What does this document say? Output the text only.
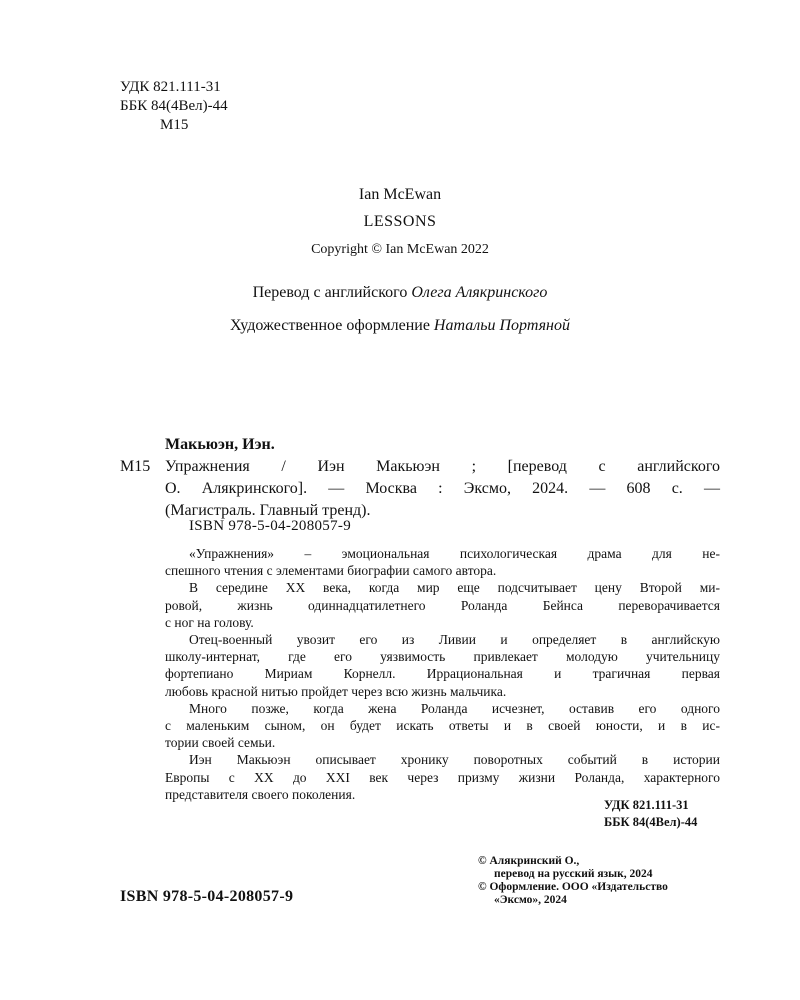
УДК 821.111-31
ББК 84(4Вел)-44
М15
Ian McEwan
LESSONS
Copyright © Ian McEwan 2022
Перевод с английского Олега Алякринского
Художественное оформление Натальи Портяной
М15
Макьюэн, Иэн.
Упражнения / Иэн Макьюэн ; [перевод с английского
О. Алякринского]. — Москва : Эксмо, 2024. — 608 с. —
(Магистраль. Главный тренд).
ISBN 978-5-04-208057-9
«Упражнения» – эмоциональная психологическая драма для не-
спешного чтения с элементами биографии самого автора.
В середине XX века, когда мир еще подсчитывает цену Второй ми-
ровой, жизнь одиннадцатилетнего Роланда Бейнса переворачивается
с ног на голову.
Отец-военный увозит его из Ливии и определяет в английскую
школу-интернат, где его уязвимость привлекает молодую учительницу
фортепиано Мириам Корнелл. Иррациональная и трагичная первая
любовь красной нитью пройдет через всю жизнь мальчика.
Много позже, когда жена Роланда исчезнет, оставив его одного
с маленьким сыном, он будет искать ответы и в своей юности, и в ис-
тории своей семьи.
Иэн Макьюэн описывает хронику поворотных событий в истории
Европы с XX до XXI век через призму жизни Роланда, характерного
представителя своего поколения.
УДК 821.111-31
ББК 84(4Вел)-44
© Алякринский О.,
перевод на русский язык, 2024
© Оформление. ООО «Издательство
«Эксмо», 2024
ISBN 978-5-04-208057-9
